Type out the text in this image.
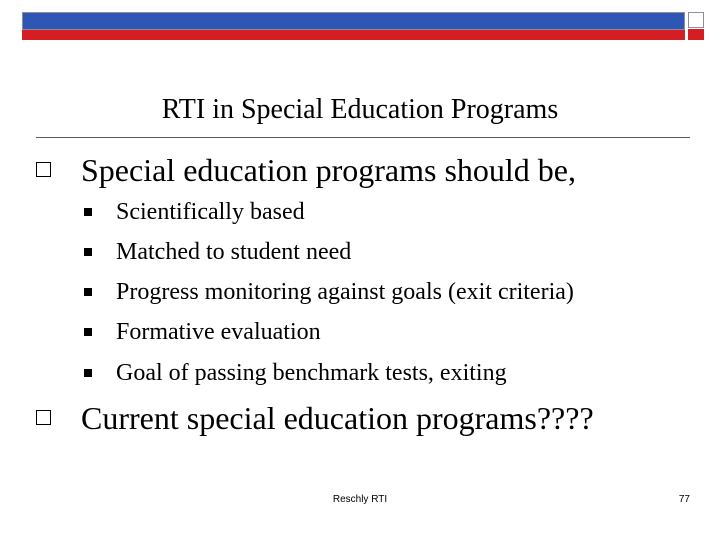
RTI in Special Education Programs
Special education programs should be,
Scientifically based
Matched to student need
Progress monitoring against goals (exit criteria)
Formative evaluation
Goal of passing benchmark tests, exiting
Current special education programs????
Reschly RTI	77
